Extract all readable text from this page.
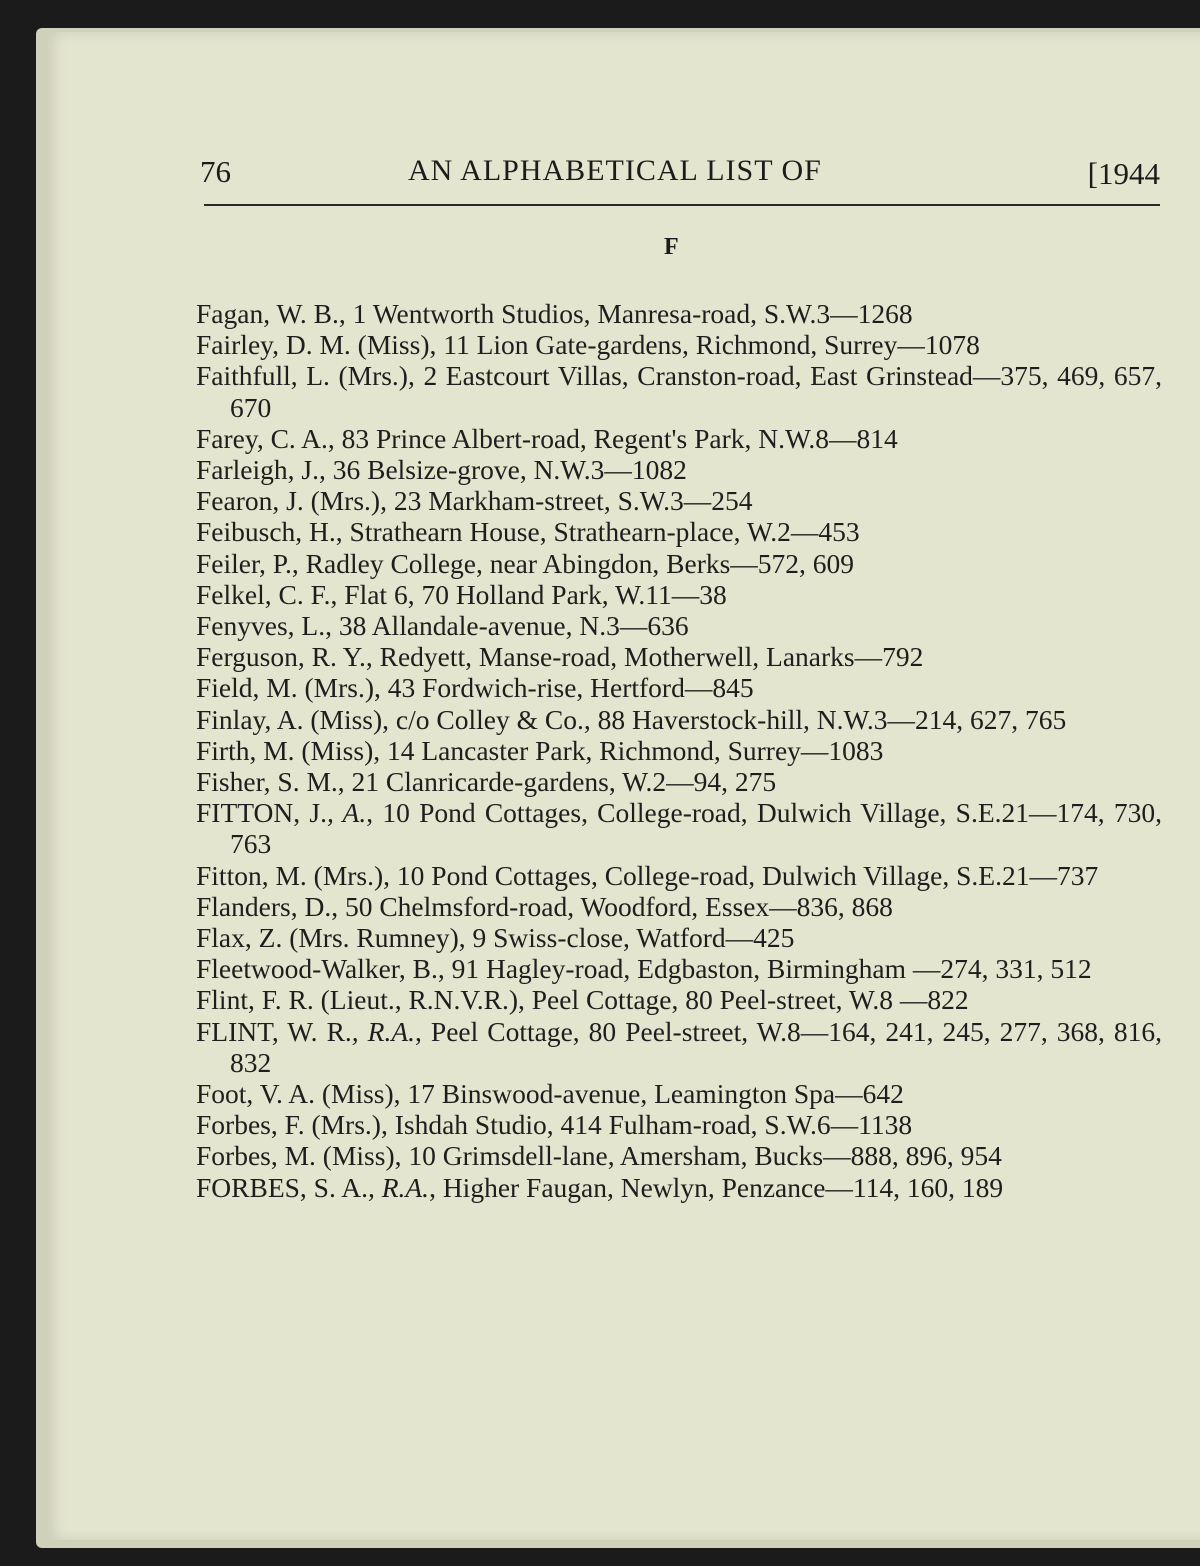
76	AN ALPHABETICAL LIST OF	[1944
F
Fagan, W. B., 1 Wentworth Studios, Manresa-road, S.W.3—1268
Fairley, D. M. (Miss), 11 Lion Gate-gardens, Richmond, Surrey—1078
Faithfull, L. (Mrs.), 2 Eastcourt Villas, Cranston-road, East Grinstead—375, 469, 657, 670
Farey, C. A., 83 Prince Albert-road, Regent's Park, N.W.8—814
Farleigh, J., 36 Belsize-grove, N.W.3—1082
Fearon, J. (Mrs.), 23 Markham-street, S.W.3—254
Feibusch, H., Strathearn House, Strathearn-place, W.2—453
Feiler, P., Radley College, near Abingdon, Berks—572, 609
Felkel, C. F., Flat 6, 70 Holland Park, W.11—38
Fenyves, L., 38 Allandale-avenue, N.3—636
Ferguson, R. Y., Redyett, Manse-road, Motherwell, Lanarks—792
Field, M. (Mrs.), 43 Fordwich-rise, Hertford—845
Finlay, A. (Miss), c/o Colley & Co., 88 Haverstock-hill, N.W.3—214, 627, 765
Firth, M. (Miss), 14 Lancaster Park, Richmond, Surrey—1083
Fisher, S. M., 21 Clanricarde-gardens, W.2—94, 275
FITTON, J., A., 10 Pond Cottages, College-road, Dulwich Village, S.E.21—174, 730, 763
Fitton, M. (Mrs.), 10 Pond Cottages, College-road, Dulwich Village, S.E.21—737
Flanders, D., 50 Chelmsford-road, Woodford, Essex—836, 868
Flax, Z. (Mrs. Rumney), 9 Swiss-close, Watford—425
Fleetwood-Walker, B., 91 Hagley-road, Edgbaston, Birmingham —274, 331, 512
Flint, F. R. (Lieut., R.N.V.R.), Peel Cottage, 80 Peel-street, W.8 —822
FLINT, W. R., R.A., Peel Cottage, 80 Peel-street, W.8—164, 241, 245, 277, 368, 816, 832
Foot, V. A. (Miss), 17 Binswood-avenue, Leamington Spa—642
Forbes, F. (Mrs.), Ishdah Studio, 414 Fulham-road, S.W.6—1138
Forbes, M. (Miss), 10 Grimsdell-lane, Amersham, Bucks—888, 896, 954
FORBES, S. A., R.A., Higher Faugan, Newlyn, Penzance—114, 160, 189
